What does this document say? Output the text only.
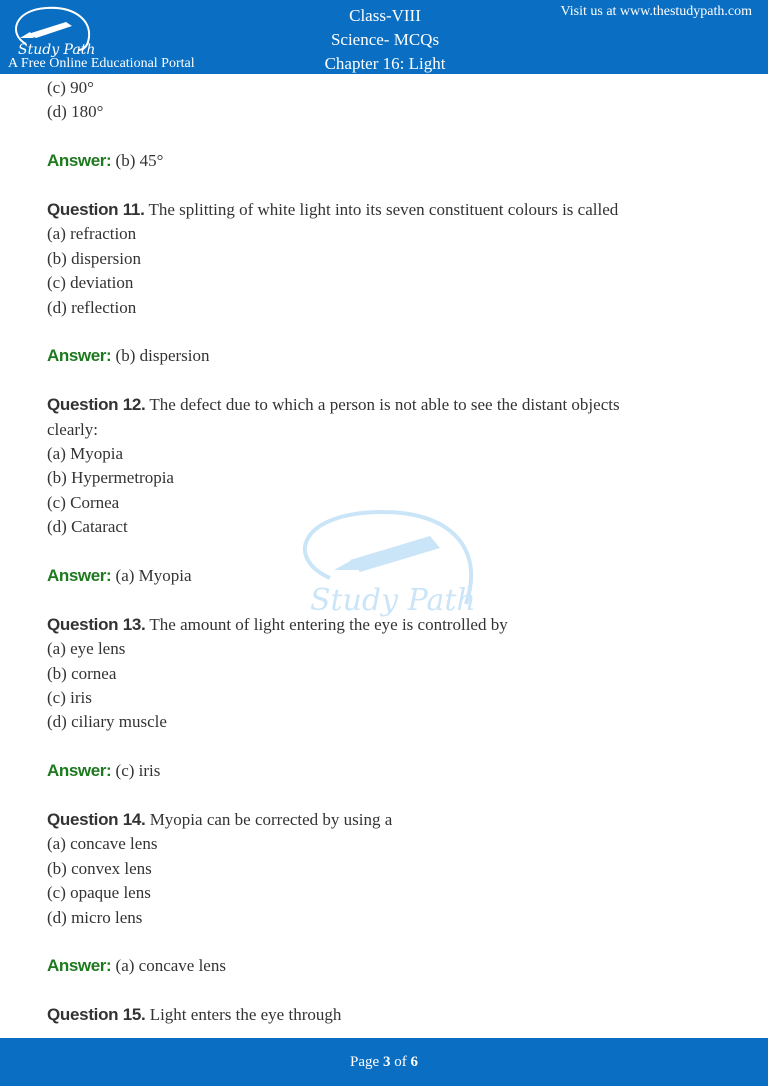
Study Path
A Free Online Educational Portal
Class-VIII
Science- MCQs
Chapter 16: Light
Visit us at www.thestudypath.com
Study Path
(c) 90°
(d) 180°
Answer: (b) 45°
Question 11. The splitting of white light into its seven constituent colours is called
(a) refraction
(b) dispersion
(c) deviation
(d) reflection
Answer: (b) dispersion
Question 12. The defect due to which a person is not able to see the distant objects
clearly:
(a) Myopia
(b) Hypermetropia
(c) Cornea
(d) Cataract
Answer: (a) Myopia
Question 13. The amount of light entering the eye is controlled by
(a) eye lens
(b) cornea
(c) iris
(d) ciliary muscle
Answer: (c) iris
Question 14. Myopia can be corrected by using a
(a) concave lens
(b) convex lens
(c) opaque lens
(d) micro lens
Answer: (a) concave lens
Question 15. Light enters the eye through
Page 3 of 6
